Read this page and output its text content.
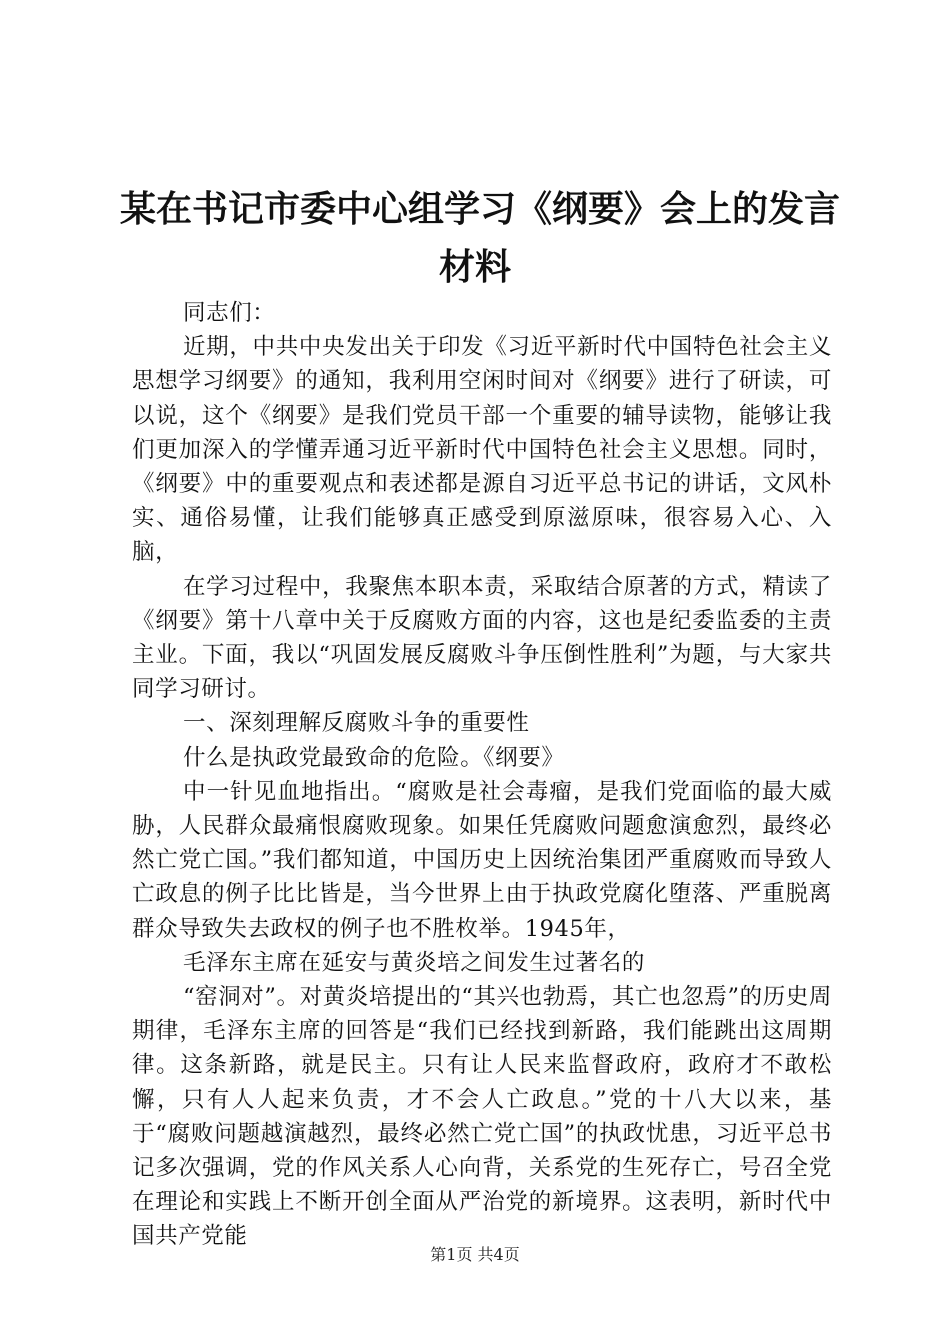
某在书记市委中心组学习《纲要》会上的发言
材料

同志们：

近期，中共中央发出关于印发《习近平新时代中国特色社会主义思想学习纲要》的通知，我利用空闲时间对《纲要》进行了研读，可以说，这个《纲要》是我们党员干部一个重要的辅导读物，能够让我们更加深入的学懂弄通习近平新时代中国特色社会主义思想。同时，《纲要》中的重要观点和表述都是源自习近平总书记的讲话，文风朴实、通俗易懂，让我们能够真正感受到原滋原味，很容易入心、入脑，

在学习过程中，我聚焦本职本责，采取结合原著的方式，精读了《纲要》第十八章中关于反腐败方面的内容，这也是纪委监委的主责主业。下面，我以“巩固发展反腐败斗争压倒性胜利”为题，与大家共同学习研讨。

一、深刻理解反腐败斗争的重要性

什么是执政党最致命的危险。《纲要》

中一针见血地指出。“腐败是社会毒瘤，是我们党面临的最大威胁，人民群众最痛恨腐败现象。如果任凭腐败问题愈演愈烈，最终必然亡党亡国。”我们都知道，中国历史上因统治集团严重腐败而导致人亡政息的例子比比皆是，当今世界上由于执政党腐化堕落、严重脱离群众导致失去政权的例子也不胜枚举。1945年，

毛泽东主席在延安与黄炎培之间发生过著名的

“窑洞对”。对黄炎培提出的“其兴也勃焉，其亡也忽焉”的历史周期律，毛泽东主席的回答是“我们已经找到新路，我们能跳出这周期律。这条新路，就是民主。只有让人民来监督政府，政府才不敢松懈，只有人人起来负责，才不会人亡政息。”党的十八大以来，基于“腐败问题越演越烈，最终必然亡党亡国”的执政忧患，习近平总书记多次强调，党的作风关系人心向背，关系党的生死存亡，号召全党在理论和实践上不断开创全面从严治党的新境界。这表明，新时代中国共产党能

第1页 共4页
